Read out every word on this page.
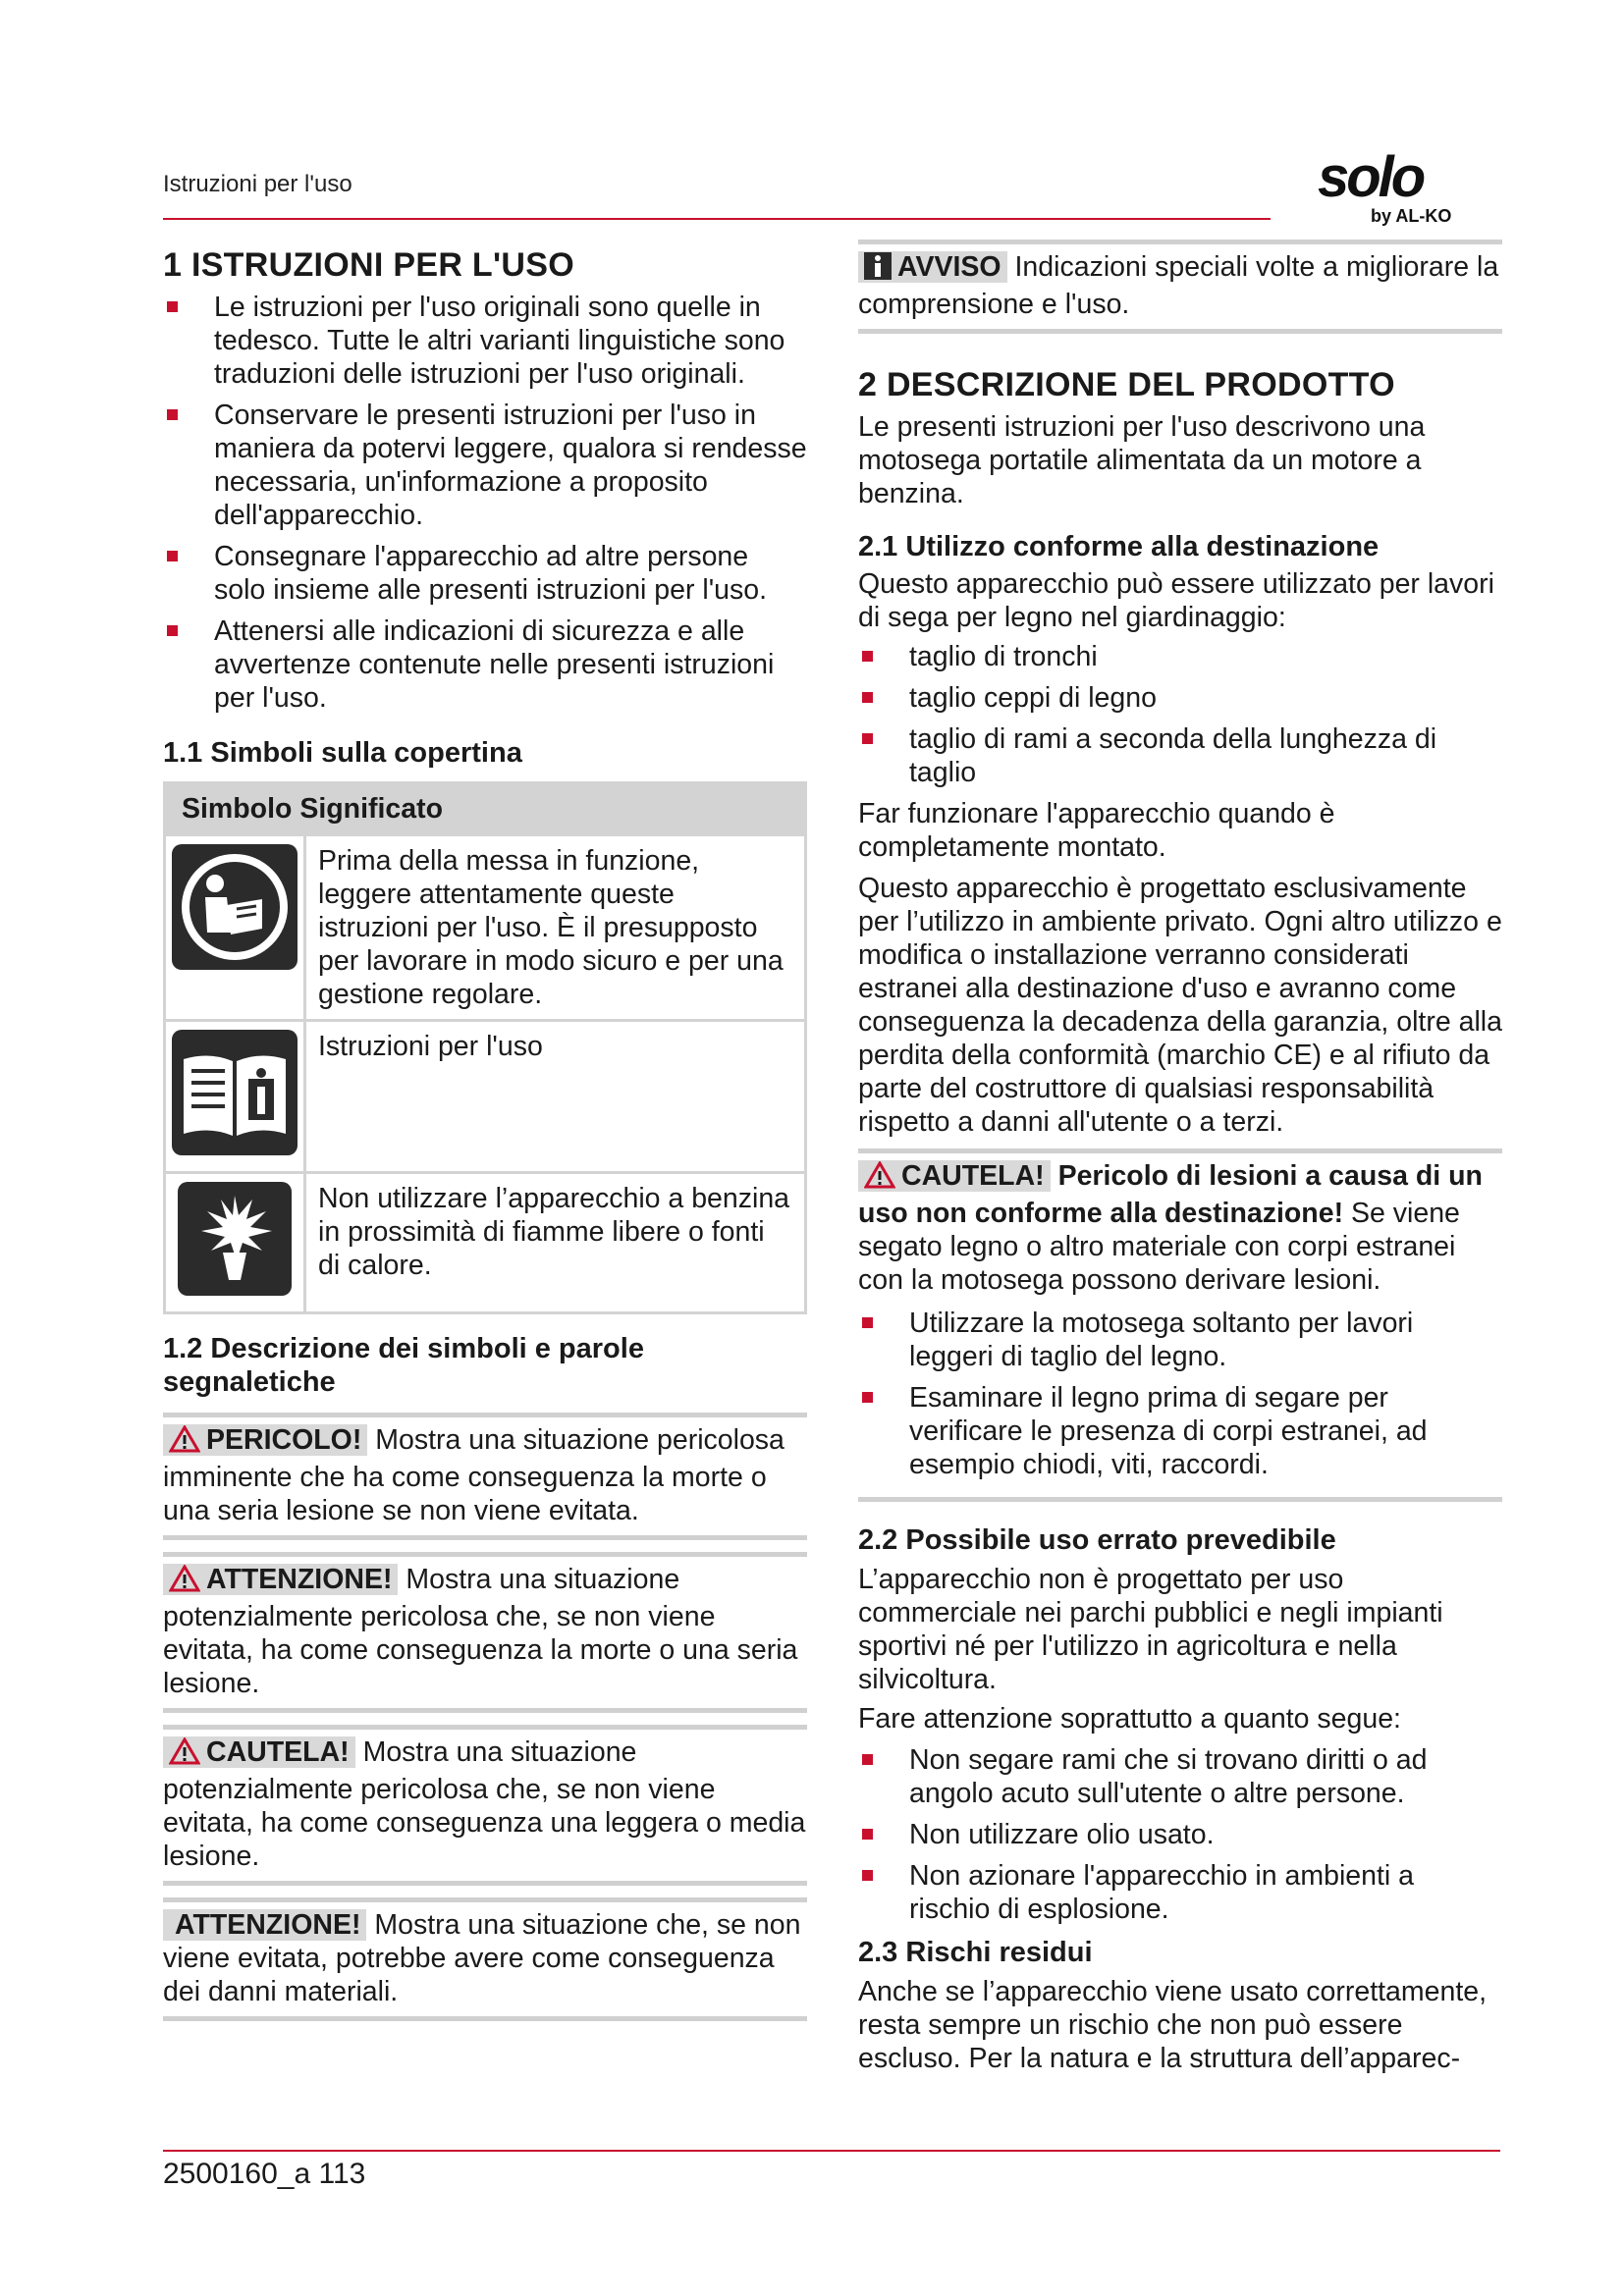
Istruzioni per l'uso	solo
by AL-KO
1 ISTRUZIONI PER L'USO
Le istruzioni per l'uso originali sono quelle in tedesco. Tutte le altri varianti linguistiche sono traduzioni delle istruzioni per l'uso originali.
Conservare le presenti istruzioni per l'uso in maniera da potervi leggere, qualora si rendesse necessaria, un'informazione a proposito dell'apparecchio.
Consegnare l'apparecchio ad altre persone solo insieme alle presenti istruzioni per l'uso.
Attenersi alle indicazioni di sicurezza e alle avvertenze contenute nelle presenti istruzioni per l'uso.
1.1 Simboli sulla copertina
Simbolo Significato	
	Prima della messa in funzione, leggere attentamente queste istruzioni per l'uso. È il presupposto per lavorare in modo sicuro e per una gestione regolare.
	Istruzioni per l'uso
	Non utilizzare l’apparecchio a benzina in prossimità di fiamme libere o fonti di calore.
1.2 Descrizione dei simboli e parole segnaletiche
PERICOLO! Mostra una situazione pericolosa imminente che ha come conseguenza la morte o una seria lesione se non viene evitata.
ATTENZIONE! Mostra una situazione potenzialmente pericolosa che, se non viene evitata, ha come conseguenza la morte o una seria lesione.
CAUTELA! Mostra una situazione potenzialmente pericolosa che, se non viene evitata, ha come conseguenza una leggera o media lesione.
ATTENZIONE! Mostra una situazione che, se non viene evitata, potrebbe avere come conseguenza dei danni materiali.
AVVISO Indicazioni speciali volte a migliorare la comprensione e l'uso.
2 DESCRIZIONE DEL PRODOTTO

Le presenti istruzioni per l'uso descrivono una motosega portatile alimentata da un motore a benzina.

2.1 Utilizzo conforme alla destinazione

Questo apparecchio può essere utilizzato per lavori di sega per legno nel giardinaggio:

taglio di tronchi
taglio ceppi di legno
taglio di rami a seconda della lunghezza di taglio

Far funzionare l'apparecchio quando è completamente montato.

Questo apparecchio è progettato esclusivamente per l’utilizzo in ambiente privato. Ogni altro utilizzo e modifica o installazione verranno considerati estranei alla destinazione d'uso e avranno come conseguenza la decadenza della garanzia, oltre alla perdita della conformità (marchio CE) e al rifiuto da parte del costruttore di qualsiasi responsabilità rispetto a danni all'utente o a terzi.

CAUTELA! Pericolo di lesioni a causa di un uso non conforme alla destinazione! Se viene segato legno o altro materiale con corpi estranei con la motosega possono derivare lesioni.
Utilizzare la motosega soltanto per lavori leggeri di taglio del legno.
Esaminare il legno prima di segare per verificare le presenza di corpi estranei, ad esempio chiodi, viti, raccordi.
2.2 Possibile uso errato prevedibile

L’apparecchio non è progettato per uso commerciale nei parchi pubblici e negli impianti sportivi né per l'utilizzo in agricoltura e nella silvicoltura.

Fare attenzione soprattutto a quanto segue:

Non segare rami che si trovano diritti o ad angolo acuto sull'utente o altre persone.
Non utilizzare olio usato.
Non azionare l'apparecchio in ambienti a rischio di esplosione.
2.3 Rischi residui

Anche se l’apparecchio viene usato correttamente, resta sempre un rischio che non può essere escluso. Per la natura e la struttura dell’apparec-

2500160_a 113
